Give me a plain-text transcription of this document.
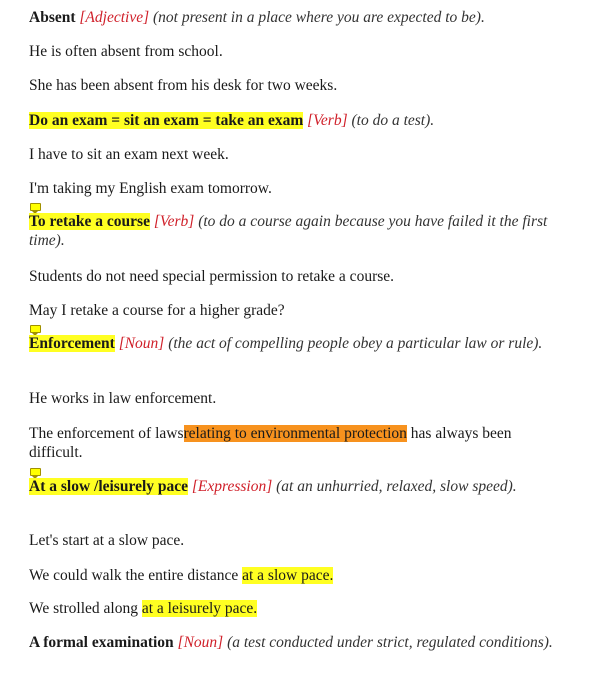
Absent [Adjective] (not present in a place where you are expected to be).
He is often absent from school.
She has been absent from his desk for two weeks.
Do an exam = sit an exam = take an exam [Verb] (to do a test).
I have to sit an exam next week.
I'm taking my English exam tomorrow.
To retake a course [Verb] (to do a course again because you have failed it the first time).
Students do not need special permission to retake a course.
May I retake a course for a higher grade?
Enforcement [Noun] (the act of compelling people obey a particular law or rule).
He works in law enforcement.
The enforcement of lawsrelating to environmental protection has always been difficult.
At a slow /leisurely pace [Expression] (at an unhurried, relaxed, slow speed).
Let's start at a slow pace.
We could walk the entire distance at a slow pace.
We strolled along at a leisurely pace.
A formal examination [Noun] (a test conducted under strict, regulated conditions).
